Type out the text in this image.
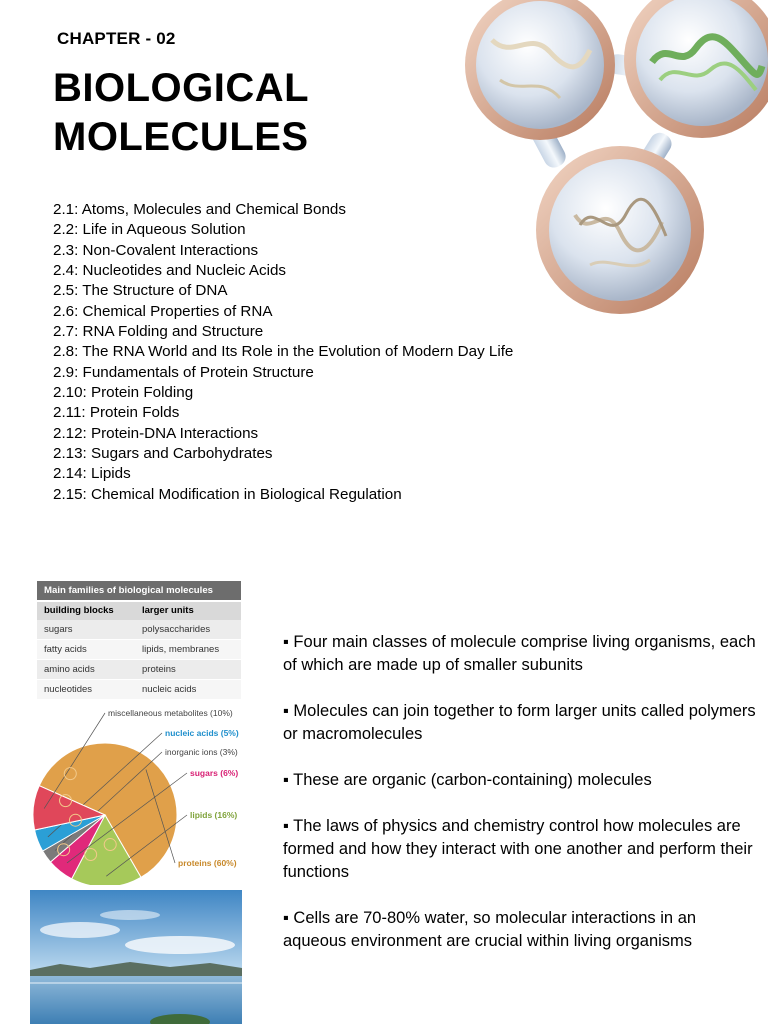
CHAPTER - 02
BIOLOGICAL
MOLECULES
2.1: Atoms, Molecules and Chemical Bonds
2.2: Life in Aqueous Solution
2.3: Non-Covalent Interactions
2.4: Nucleotides and Nucleic Acids
2.5: The Structure of DNA
2.6: Chemical Properties of RNA
2.7: RNA Folding and Structure
2.8: The RNA World and Its Role in the Evolution of Modern Day Life
2.9: Fundamentals of Protein Structure
2.10: Protein Folding
2.11: Protein Folds
2.12: Protein-DNA Interactions
2.13: Sugars and Carbohydrates
2.14: Lipids
2.15: Chemical Modification in Biological Regulation
Main families of biological molecules
building blocks	larger units
sugars	polysaccharides
fatty acids	lipids, membranes
amino acids	proteins
nucleotides	nucleic acids
proteins (60%)
lipids (16%)
sugars (6%)
inorganic ions (3%)
nucleic acids (5%)
miscellaneous metabolites (10%)
▪ Four main classes of molecule comprise living organisms, each of which are made up of smaller subunits
▪ Molecules can join together to form larger units called polymers or macromolecules
▪ These are organic (carbon-containing) molecules
▪ The laws of physics and chemistry control how molecules are formed and how they interact with one another and perform their functions
▪ Cells are 70-80% water, so molecular interactions in an aqueous environment are crucial within living organisms
